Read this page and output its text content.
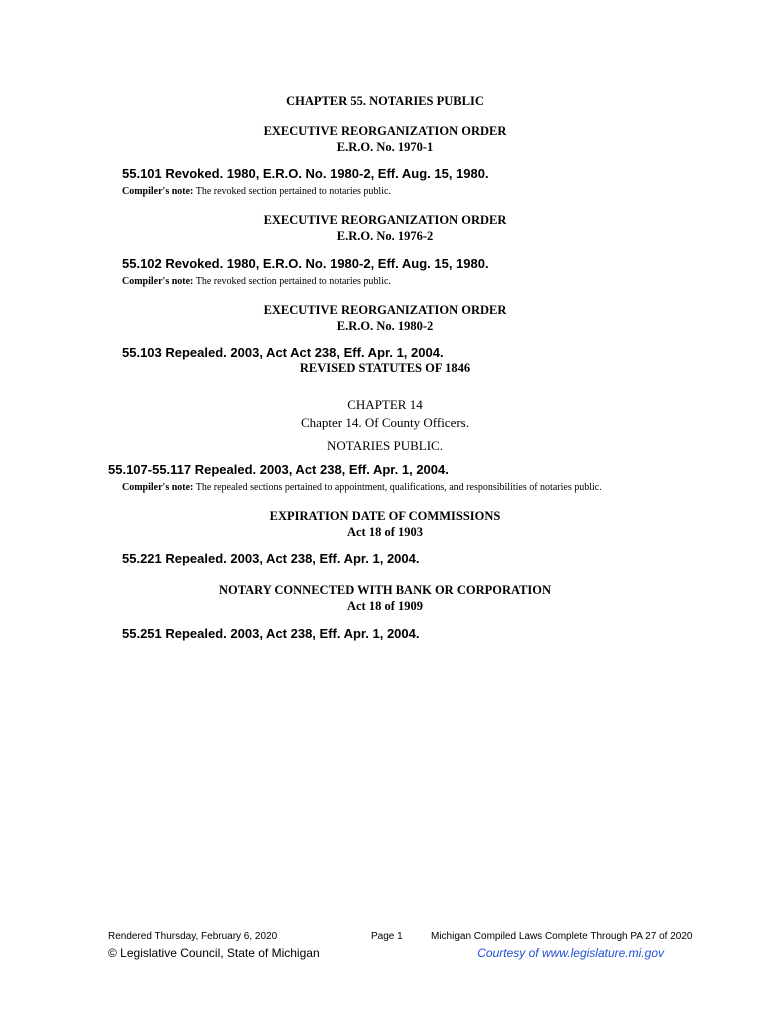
CHAPTER 55. NOTARIES PUBLIC
EXECUTIVE REORGANIZATION ORDER
E.R.O. No. 1970-1
55.101 Revoked. 1980, E.R.O. No. 1980-2, Eff. Aug. 15, 1980.
Compiler's note: The revoked section pertained to notaries public.
EXECUTIVE REORGANIZATION ORDER
E.R.O. No. 1976-2
55.102 Revoked. 1980, E.R.O. No. 1980-2, Eff. Aug. 15, 1980.
Compiler's note: The revoked section pertained to notaries public.
EXECUTIVE REORGANIZATION ORDER
E.R.O. No. 1980-2
55.103 Repealed. 2003, Act Act 238, Eff. Apr. 1, 2004.
REVISED STATUTES OF 1846
CHAPTER 14
Chapter 14. Of County Officers.
NOTARIES PUBLIC.
55.107-55.117 Repealed. 2003, Act 238, Eff. Apr. 1, 2004.
Compiler's note: The repealed sections pertained to appointment, qualifications, and responsibilities of notaries public.
EXPIRATION DATE OF COMMISSIONS
Act 18 of 1903
55.221 Repealed. 2003, Act 238, Eff. Apr. 1, 2004.
NOTARY CONNECTED WITH BANK OR CORPORATION
Act 18 of 1909
55.251 Repealed. 2003, Act 238, Eff. Apr. 1, 2004.
Rendered Thursday, February 6, 2020	Page 1	Michigan Compiled Laws Complete Through PA 27 of 2020
© Legislative Council, State of Michigan	Courtesy of www.legislature.mi.gov
